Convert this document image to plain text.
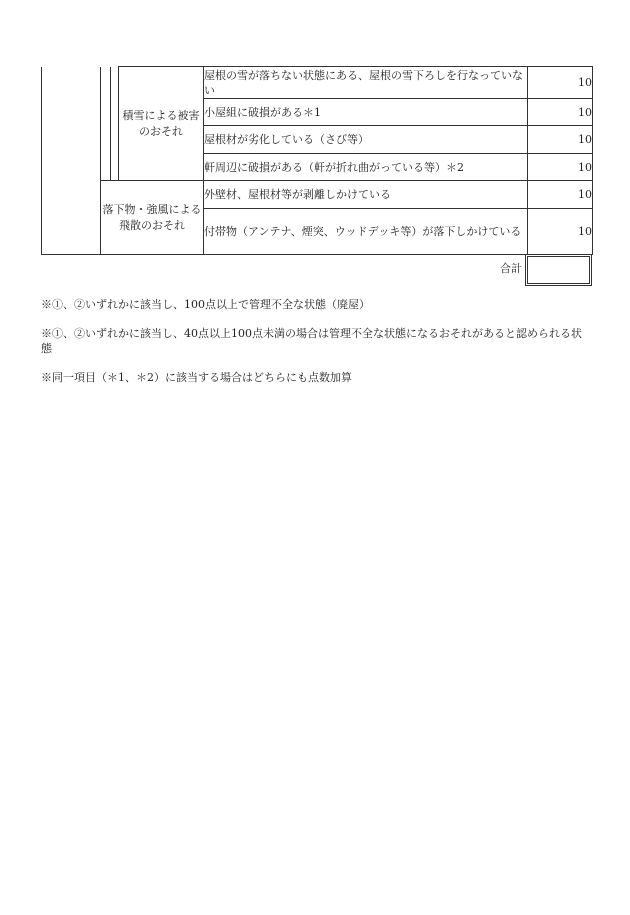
			積雪による被害のおそれ	屋根の雪が落ちない状態にある、屋根の雪下ろしを行なっていない	10
				小屋組に破損がある＊1	10
				屋根材が劣化している（さび等）	10
				軒周辺に破損がある（軒が折れ曲がっている等）＊2	10
	落下物・強風による飛散のおそれ			外壁材、屋根材等が剥離しかけている	10
				付帯物（アンテナ、煙突、ウッドデッキ等）が落下しかけている	10
合計
※①、②いずれかに該当し、100点以上で管理不全な状態（廃屋）
※①、②いずれかに該当し、40点以上100点未満の場合は管理不全な状態になるおそれがあると認められる状態
※同一項目（＊1、＊2）に該当する場合はどちらにも点数加算
